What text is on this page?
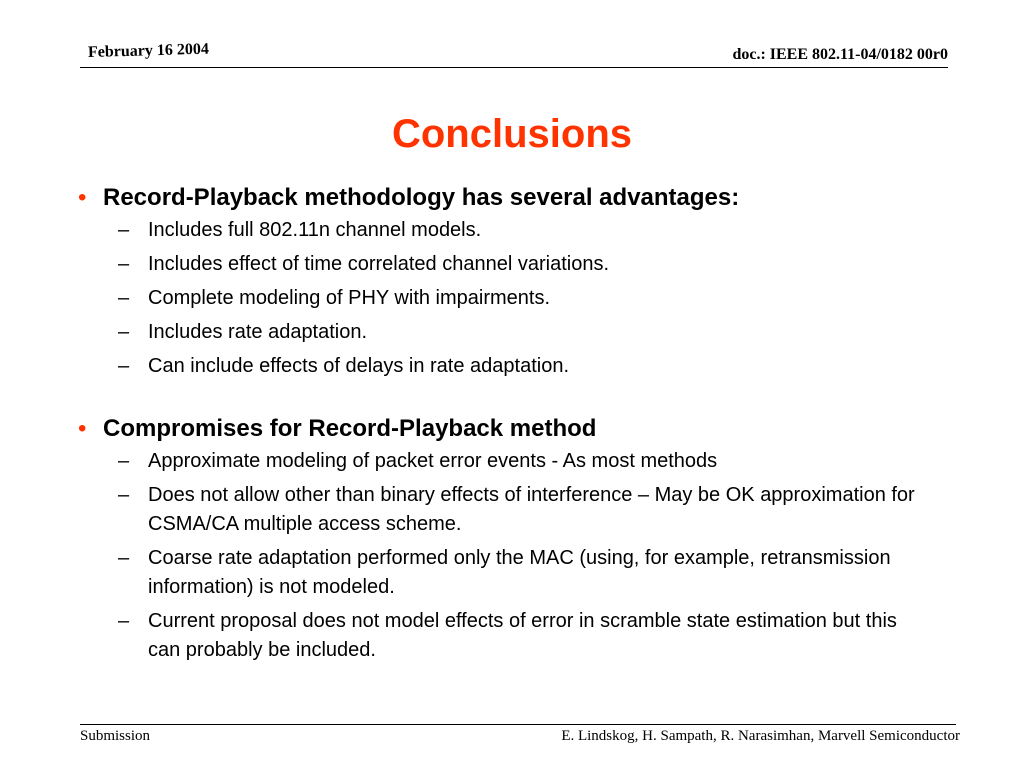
February 16 2004	doc.: IEEE 802.11-04/0182 00r0
Conclusions
• Record-Playback methodology has several advantages:
– Includes full 802.11n channel models.
– Includes effect of time correlated channel variations.
– Complete modeling of PHY with impairments.
– Includes rate adaptation.
– Can include effects of delays in rate adaptation.
• Compromises for Record-Playback method
– Approximate modeling of packet error events - As most methods
– Does not allow other than binary effects of interference – May be OK approximation for CSMA/CA multiple access scheme.
– Coarse rate adaptation performed only the MAC (using, for example, retransmission information) is not modeled.
– Current proposal does not model effects of error in scramble state estimation but this can probably be included.
Submission	E. Lindskog, H. Sampath, R. Narasimhan, Marvell Semiconductor
